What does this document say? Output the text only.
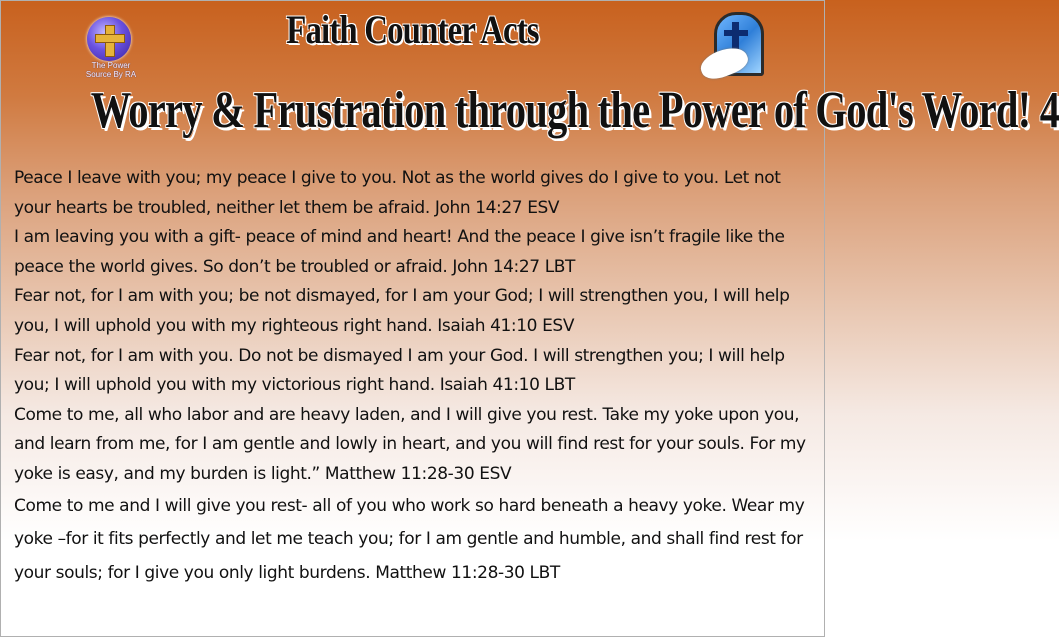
The Power
Source By RA
Faith Counter Acts
Worry & Frustration through the Power of God's Word! 4

Peace I leave with you; my peace I give to you. Not as the world gives do I give to you. Let not your hearts be troubled, neither let them be afraid. John 14:27 ESV

I am leaving you with a gift- peace of mind and heart! And the peace I give isn’t fragile like the peace the world gives. So don’t be troubled or afraid. John 14:27 LBT

Fear not, for I am with you; be not dismayed, for I am your God; I will strengthen you, I will help you, I will uphold you with my righteous right hand. Isaiah 41:10 ESV

Fear not, for I am with you. Do not be dismayed I am your God. I will strengthen you; I will help you; I will uphold you with my victorious right hand. Isaiah 41:10 LBT

Come to me, all who labor and are heavy laden, and I will give you rest. Take my yoke upon you, and learn from me, for I am gentle and lowly in heart, and you will find rest for your souls. For my yoke is easy, and my burden is light.” Matthew 11:28-30 ESV

Come to me and I will give you rest- all of you who work so hard beneath a heavy yoke. Wear my yoke –for it fits perfectly and let me teach you; for I am gentle and humble, and shall find rest for your souls; for I give you only light burdens. Matthew 11:28-30 LBT
